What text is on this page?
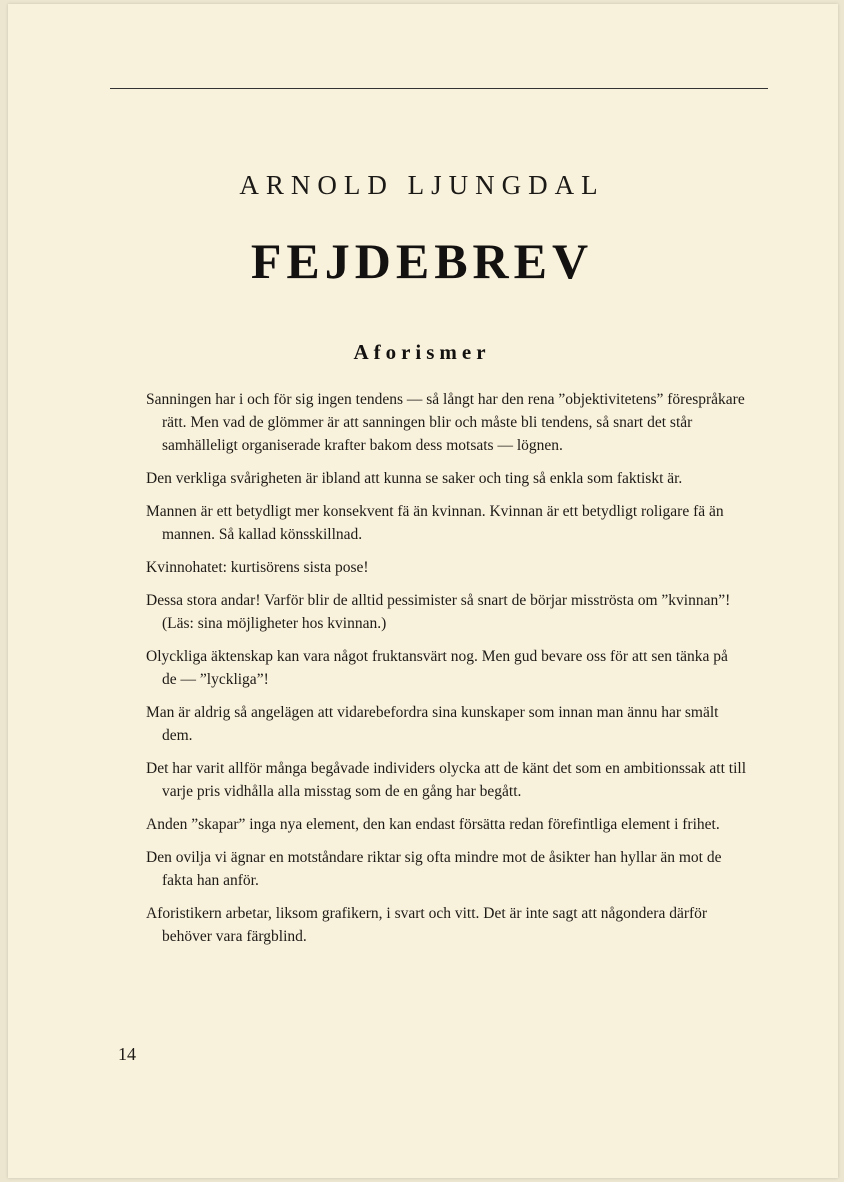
ARNOLD LJUNGDAL
FEJDEBREV
Aforismer
Sanningen har i och för sig ingen tendens — så långt har den rena ”objektivitetens” förespråkare rätt. Men vad de glömmer är att sanningen blir och måste bli tendens, så snart det står samhälleligt organiserade krafter bakom dess motsats — lögnen.
Den verkliga svårigheten är ibland att kunna se saker och ting så enkla som faktiskt är.
Mannen är ett betydligt mer konsekvent fä än kvinnan. Kvinnan är ett betydligt roligare fä än mannen. Så kallad könsskillnad.
Kvinnohatet: kurtisörens sista pose!
Dessa stora andar! Varför blir de alltid pessimister så snart de börjar misströsta om ”kvinnan”! (Läs: sina möjligheter hos kvinnan.)
Olyckliga äktenskap kan vara något fruktansvärt nog. Men gud bevare oss för att sen tänka på de — ”lyckliga”!
Man är aldrig så angelägen att vidarebefordra sina kunskaper som innan man ännu har smält dem.
Det har varit allför många begåvade individers olycka att de känt det som en ambitionssak att till varje pris vidhålla alla misstag som de en gång har begått.
Anden ”skapar” inga nya element, den kan endast försätta redan förefintliga element i frihet.
Den ovilja vi ägnar en motståndare riktar sig ofta mindre mot de åsikter han hyllar än mot de fakta han anför.
Aforistikern arbetar, liksom grafikern, i svart och vitt. Det är inte sagt att någondera därför behöver vara färgblind.
14
